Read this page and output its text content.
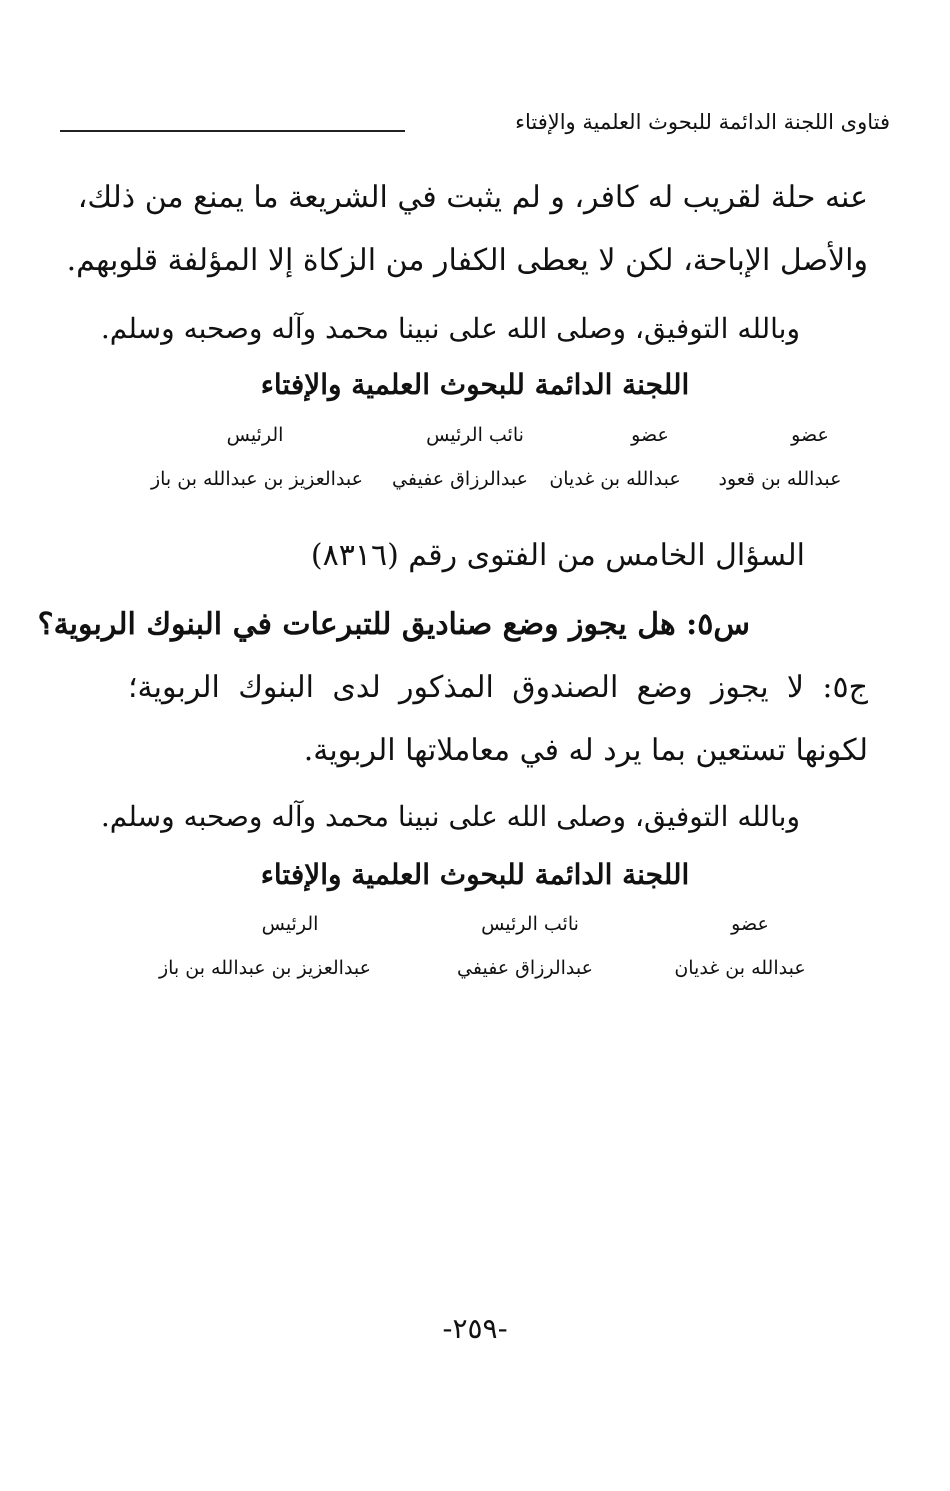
فتاوى اللجنة الدائمة للبحوث العلمية والإفتاء
عنه حلة لقريب له كافر، و لم يثبت في الشريعة ما يمنع من ذلك،
والأصل الإباحة، لكن لا يعطى الكفار من الزكاة إلا المؤلفة قلوبهم.
وبالله التوفيق، وصلى الله على نبينا محمد وآله وصحبه وسلم.
اللجنة الدائمة للبحوث العلمية والإفتاء
عضو
عضو
نائب الرئيس
الرئيس
عبدالله بن قعود
عبدالله بن غديان
عبدالرزاق عفيفي
عبدالعزيز بن عبدالله بن باز
السؤال الخامس من الفتوى رقم (٨٣١٦)
س٥: هل يجوز وضع صناديق للتبرعات في البنوك الربوية؟
ج٥: لا يجوز وضع الصندوق المذكور لدى البنوك الربوية؛
لكونها تستعين بما يرد له في معاملاتها الربوية.
وبالله التوفيق، وصلى الله على نبينا محمد وآله وصحبه وسلم.
اللجنة الدائمة للبحوث العلمية والإفتاء
عضو
نائب الرئيس
الرئيس
عبدالله بن غديان
عبدالرزاق عفيفي
عبدالعزيز بن عبدالله بن باز
-٢٥٩-
